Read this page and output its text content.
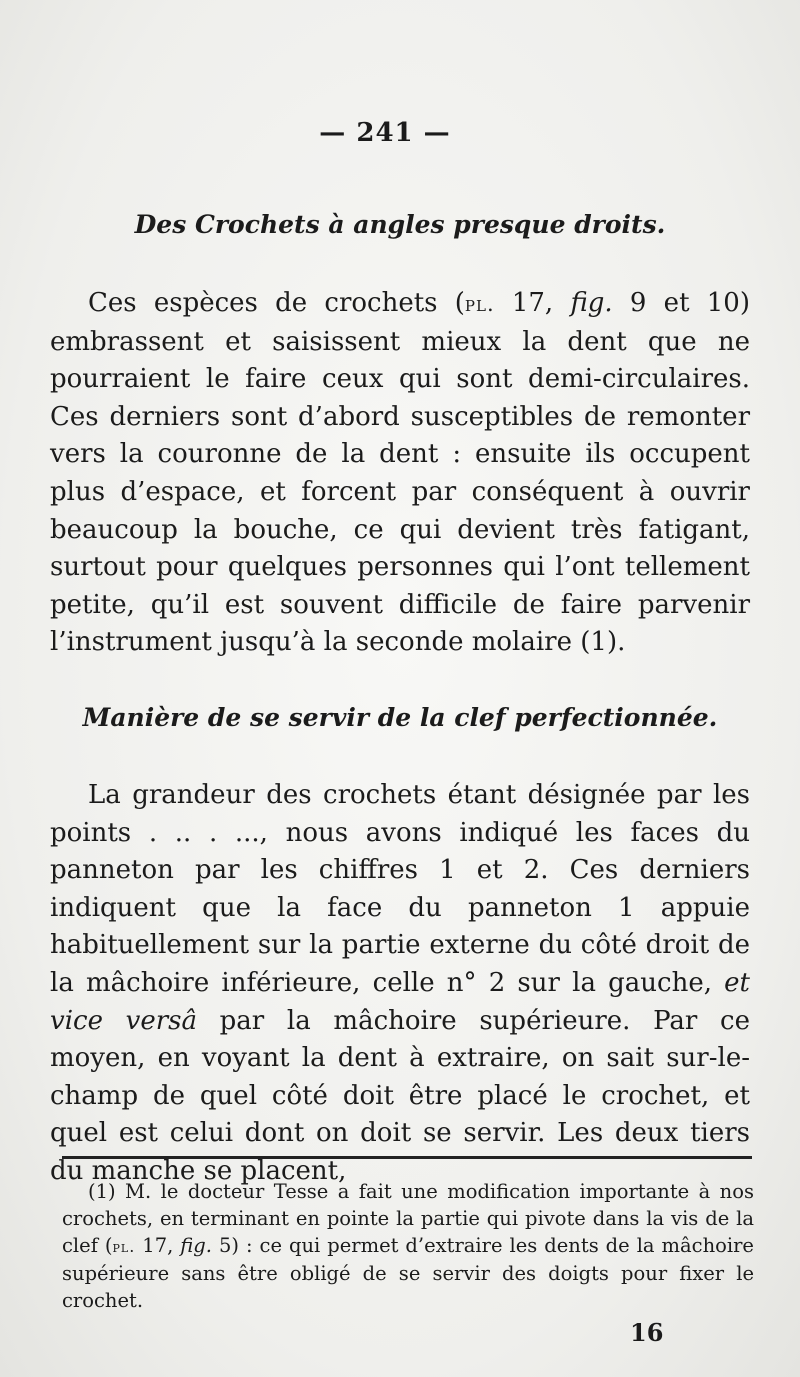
— 241 —
Des Crochets à angles presque droits.

Ces espèces de crochets (pl. 17, fig. 9 et 10) embrassent et saisissent mieux la dent que ne pourraient le faire ceux qui sont demi-circulaires. Ces derniers sont d’abord susceptibles de remonter vers la couronne de la dent : ensuite ils occupent plus d’espace, et forcent par conséquent à ouvrir beaucoup la bouche, ce qui devient très fatigant, surtout pour quelques personnes qui l’ont tellement petite, qu’il est souvent difficile de faire parvenir l’instrument jusqu’à la seconde molaire (1).

Manière de se servir de la clef perfectionnée.

La grandeur des crochets étant désignée par les points . .. . ..., nous avons indiqué les faces du panneton par les chiffres 1 et 2. Ces derniers indiquent que la face du panneton 1 appuie habituellement sur la partie externe du côté droit de la mâchoire inférieure, celle n° 2 sur la gauche, et vice versâ par la mâchoire supérieure. Par ce moyen, en voyant la dent à extraire, on sait sur-le-champ de quel côté doit être placé le crochet, et quel est celui dont on doit se servir. Les deux tiers du manche se placent,

(1) M. le docteur Tesse a fait une modification importante à nos crochets, en terminant en pointe la partie qui pivote dans la vis de la clef (pl. 17, fig. 5) : ce qui permet d’extraire les dents de la mâchoire supérieure sans être obligé de se servir des doigts pour fixer le crochet.

16
